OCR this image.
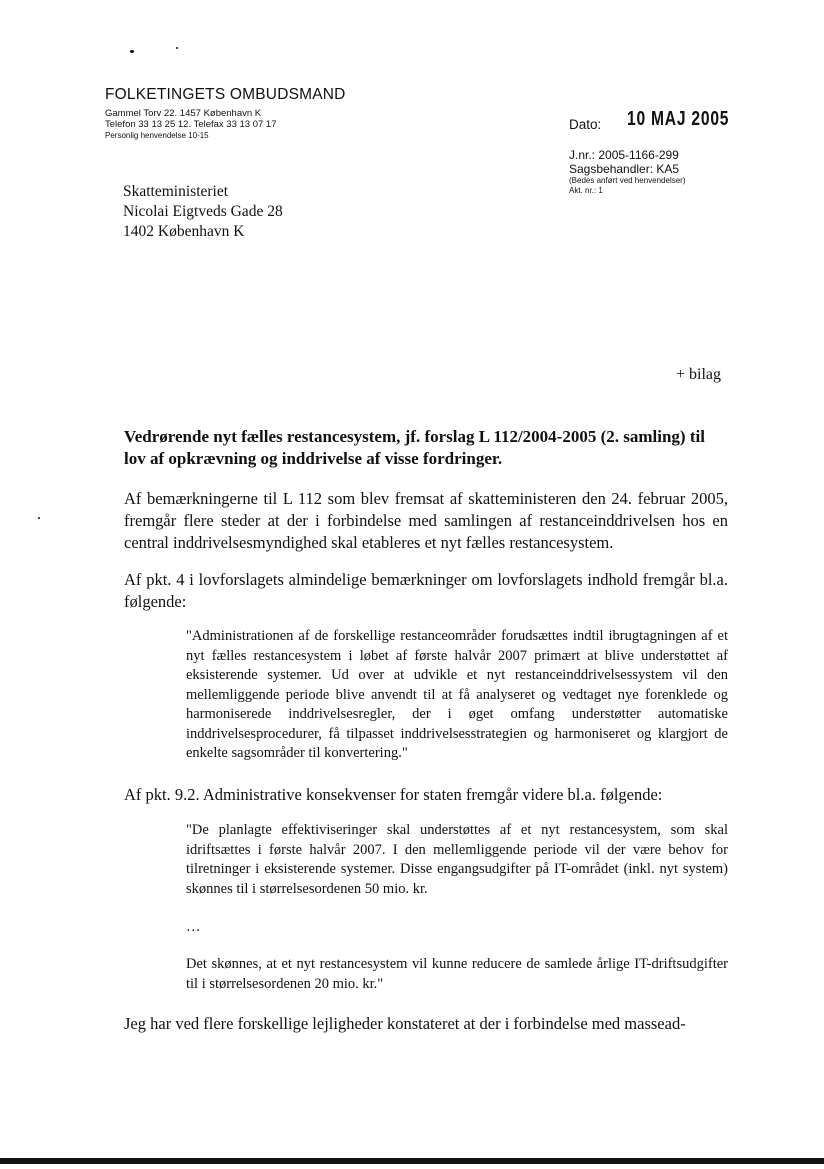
FOLKETINGETS OMBUDSMAND
Gammel Torv 22. 1457 København K
Telefon 33 13 25 12. Telefax 33 13 07 17
Personlig henvendelse 10-15
Dato: 10 MAJ 2005
J.nr.: 2005-1166-299
Sagsbehandler: KA5
(Bedes anført ved henvendelser)
Akt. nr.: 1
Skatteministeriet
Nicolai Eigtveds Gade 28
1402 København K
+ bilag
Vedrørende nyt fælles restancesystem, jf. forslag L 112/2004-2005 (2. samling) til lov af opkrævning og inddrivelse af visse fordringer.
Af bemærkningerne til L 112 som blev fremsat af skatteministeren den 24. februar 2005, fremgår flere steder at der i forbindelse med samlingen af restanceinddrivelsen hos en central inddrivelsesmyndighed skal etableres et nyt fælles restancesystem.
Af pkt. 4 i lovforslagets almindelige bemærkninger om lovforslagets indhold fremgår bl.a. følgende:
"Administrationen af de forskellige restanceområder forudsættes indtil ibrugtagningen af et nyt fælles restancesystem i løbet af første halvår 2007 primært at blive understøttet af eksisterende systemer. Ud over at udvikle et nyt restanceinddrivelsessystem vil den mellemliggende periode blive anvendt til at få analyseret og vedtaget nye forenklede og harmoniserede inddrivelsesregler, der i øget omfang understøtter automatiske inddrivelsesprocedurer, få tilpasset inddrivelsesstrategien og harmoniseret og klargjort de enkelte sagsområder til konvertering."
Af pkt. 9.2. Administrative konsekvenser for staten fremgår videre bl.a. følgende:
"De planlagte effektiviseringer skal understøttes af et nyt restancesystem, som skal idriftsættes i første halvår 2007. I den mellemliggende periode vil der være behov for tilretninger i eksisterende systemer. Disse engangsudgifter på IT-området (inkl. nyt system) skønnes til i størrelsesordenen 50 mio. kr.
…
Det skønnes, at et nyt restancesystem vil kunne reducere de samlede årlige IT-driftsudgifter til i størrelsesordenen 20 mio. kr."
Jeg har ved flere forskellige lejligheder konstateret at der i forbindelse med massead-
